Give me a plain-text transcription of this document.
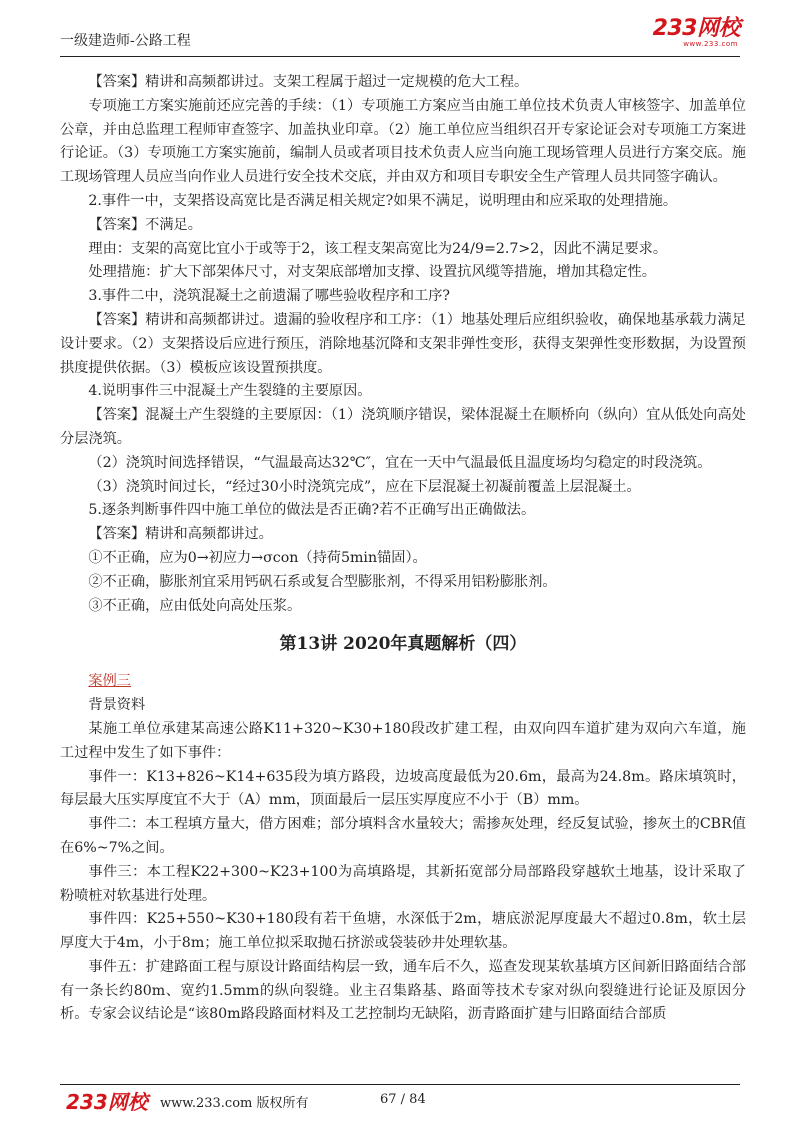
一级建造师-公路工程	233网校
www.233.com

【答案】精讲和高频都讲过。支架工程属于超过一定规模的危大工程。

专项施工方案实施前还应完善的手续：（1）专项施工方案应当由施工单位技术负责人审核签字、加盖单位公章，并由总监理工程师审查签字、加盖执业印章。（2）施工单位应当组织召开专家论证会对专项施工方案进行论证。（3）专项施工方案实施前，编制人员或者项目技术负责人应当向施工现场管理人员进行方案交底。施工现场管理人员应当向作业人员进行安全技术交底，并由双方和项目专职安全生产管理人员共同签字确认。

2.事件一中，支架搭设高宽比是否满足相关规定?如果不满足，说明理由和应采取的处理措施。

【答案】不满足。

理由：支架的高宽比宜小于或等于2，该工程支架高宽比为24/9=2.7>2，因此不满足要求。

处理措施：扩大下部架体尺寸，对支架底部增加支撑、设置抗风缆等措施，增加其稳定性。

3.事件二中，浇筑混凝土之前遗漏了哪些验收程序和工序?

【答案】精讲和高频都讲过。遗漏的验收程序和工序：（1）地基处理后应组织验收，确保地基承载力满足设计要求。（2）支架搭设后应进行预压，消除地基沉降和支架非弹性变形，获得支架弹性变形数据，为设置预拱度提供依据。（3）模板应该设置预拱度。

4.说明事件三中混凝土产生裂缝的主要原因。

【答案】混凝土产生裂缝的主要原因：（1）浇筑顺序错误，梁体混凝土在顺桥向（纵向）宜从低处向高处分层浇筑。

（2）浇筑时间选择错误，“气温最高达32℃″，宜在一天中气温最低且温度场均匀稳定的时段浇筑。

（3）浇筑时间过长，“经过30小时浇筑完成”，应在下层混凝土初凝前覆盖上层混凝土。

5.逐条判断事件四中施工单位的做法是否正确?若不正确写出正确做法。

【答案】精讲和高频都讲过。

①不正确，应为0→初应力→σcon（持荷5min锚固）。

②不正确，膨胀剂宜采用钙矾石系或复合型膨胀剂，不得采用铝粉膨胀剂。

③不正确，应由低处向高处压浆。

第13讲 2020年真题解析（四）

案例三

背景资料

某施工单位承建某高速公路K11+320~K30+180段改扩建工程，由双向四车道扩建为双向六车道，施工过程中发生了如下事件：

事件一：K13+826~K14+635段为填方路段，边坡高度最低为20.6m，最高为24.8m。路床填筑时，每层最大压实厚度宜不大于（A）mm，顶面最后一层压实厚度应不小于（B）mm。

事件二：本工程填方量大，借方困难；部分填料含水量较大；需掺灰处理，经反复试验，掺灰土的CBR值在6%~7%之间。

事件三：本工程K22+300~K23+100为高填路堤，其新拓宽部分局部路段穿越软土地基，设计采取了粉喷桩对软基进行处理。

事件四：K25+550~K30+180段有若干鱼塘，水深低于2m，塘底淤泥厚度最大不超过0.8m，软土层厚度大于4m，小于8m；施工单位拟采取抛石挤淤或袋装砂井处理软基。

事件五：扩建路面工程与原设计路面结构层一致，通车后不久，巡查发现某软基填方区间新旧路面结合部有一条长约80m、宽约1.5mm的纵向裂缝。业主召集路基、路面等技术专家对纵向裂缝进行论证及原因分析。专家会议结论是“该80m路段路面材料及工艺控制均无缺陷，沥青路面扩建与旧路面结合部质

233网校 www.233.com 版权所有	67 / 84
